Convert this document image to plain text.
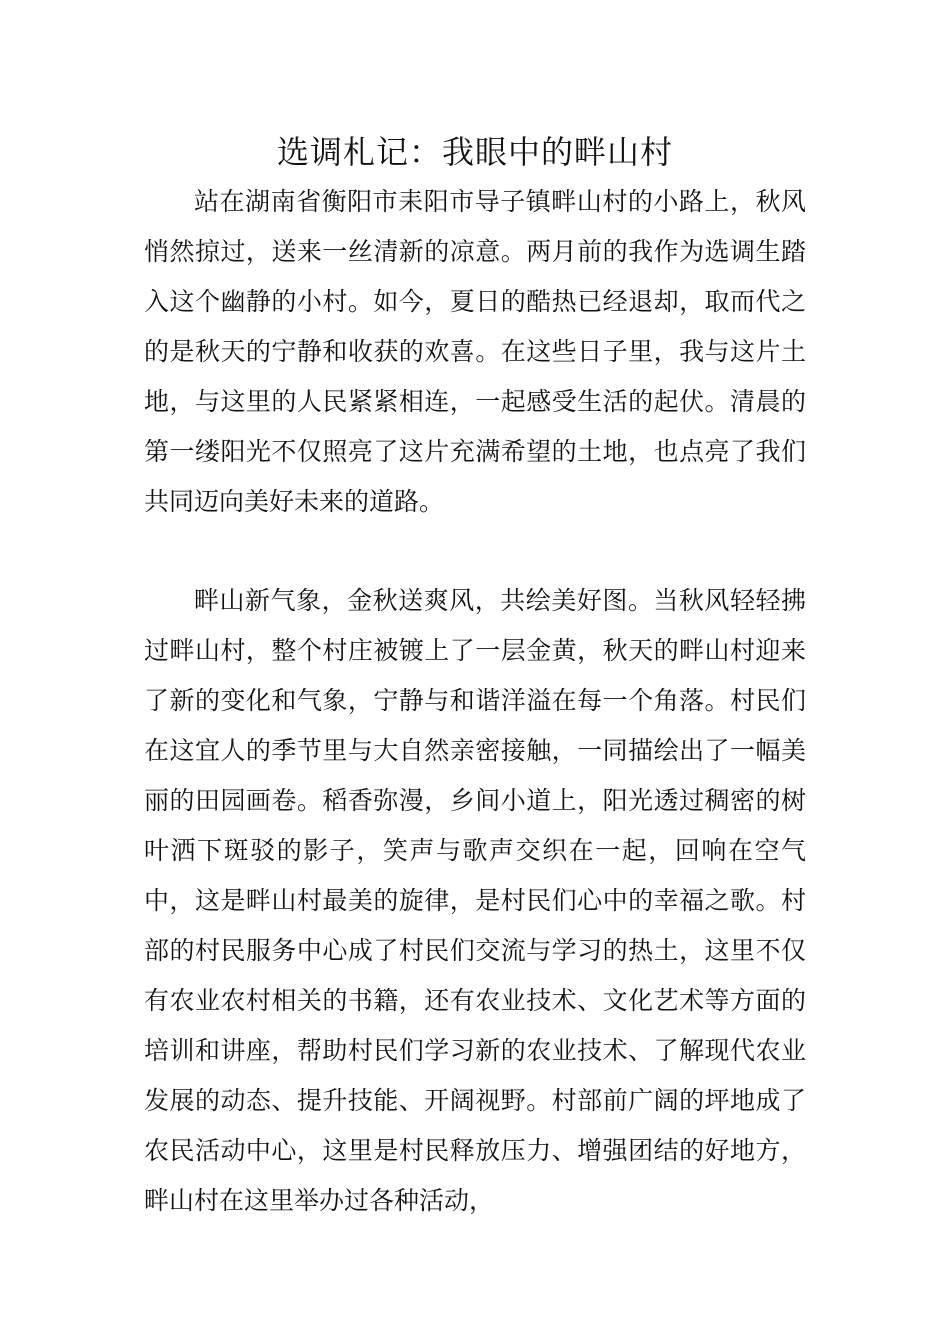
选调札记：我眼中的畔山村

站在湖南省衡阳市耒阳市导子镇畔山村的小路上，秋风悄然掠过，送来一丝清新的凉意。两月前的我作为选调生踏入这个幽静的小村。如今，夏日的酷热已经退却，取而代之的是秋天的宁静和收获的欢喜。在这些日子里，我与这片土地，与这里的人民紧紧相连，一起感受生活的起伏。清晨的第一缕阳光不仅照亮了这片充满希望的土地，也点亮了我们共同迈向美好未来的道路。

畔山新气象，金秋送爽风，共绘美好图。当秋风轻轻拂过畔山村，整个村庄被镀上了一层金黄，秋天的畔山村迎来了新的变化和气象，宁静与和谐洋溢在每一个角落。村民们在这宜人的季节里与大自然亲密接触，一同描绘出了一幅美丽的田园画卷。稻香弥漫，乡间小道上，阳光透过稠密的树叶洒下斑驳的影子，笑声与歌声交织在一起，回响在空气中，这是畔山村最美的旋律，是村民们心中的幸福之歌。村部的村民服务中心成了村民们交流与学习的热土，这里不仅有农业农村相关的书籍，还有农业技术、文化艺术等方面的培训和讲座，帮助村民们学习新的农业技术、了解现代农业发展的动态、提升技能、开阔视野。村部前广阔的坪地成了农民活动中心，这里是村民释放压力、增强团结的好地方，畔山村在这里举办过各种活动，
